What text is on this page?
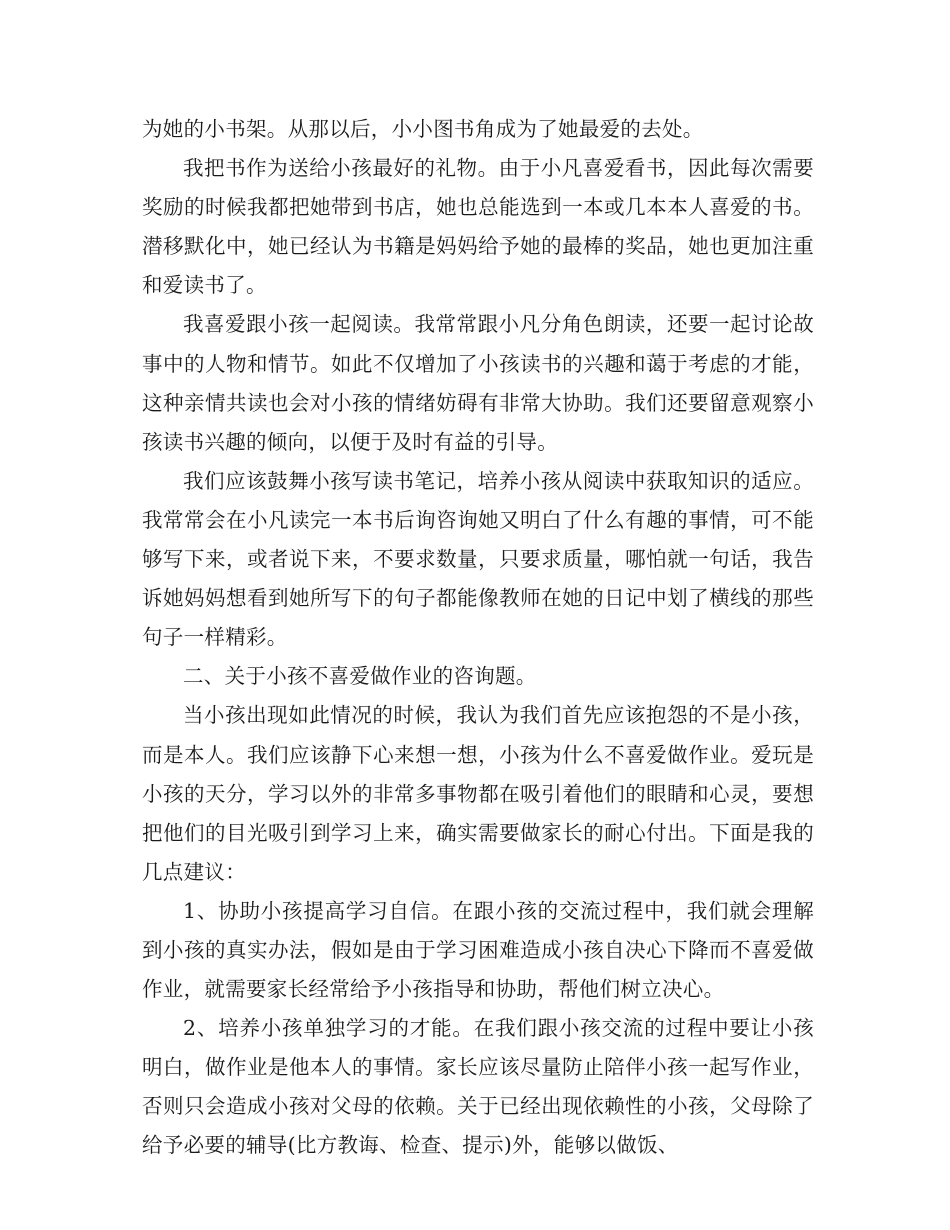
为她的小书架。从那以后，小小图书角成为了她最爱的去处。

我把书作为送给小孩最好的礼物。由于小凡喜爱看书，因此每次需要奖励的时候我都把她带到书店，她也总能选到一本或几本本人喜爱的书。潜移默化中，她已经认为书籍是妈妈给予她的最棒的奖品，她也更加注重和爱读书了。

我喜爱跟小孩一起阅读。我常常跟小凡分角色朗读，还要一起讨论故事中的人物和情节。如此不仅增加了小孩读书的兴趣和蔼于考虑的才能，这种亲情共读也会对小孩的情绪妨碍有非常大协助。我们还要留意观察小孩读书兴趣的倾向，以便于及时有益的引导。

我们应该鼓舞小孩写读书笔记，培养小孩从阅读中获取知识的适应。我常常会在小凡读完一本书后询咨询她又明白了什么有趣的事情，可不能够写下来，或者说下来，不要求数量，只要求质量，哪怕就一句话，我告诉她妈妈想看到她所写下的句子都能像教师在她的日记中划了横线的那些句子一样精彩。

二、关于小孩不喜爱做作业的咨询题。

当小孩出现如此情况的时候，我认为我们首先应该抱怨的不是小孩，而是本人。我们应该静下心来想一想，小孩为什么不喜爱做作业。爱玩是小孩的天分，学习以外的非常多事物都在吸引着他们的眼睛和心灵，要想把他们的目光吸引到学习上来，确实需要做家长的耐心付出。下面是我的几点建议：

1、协助小孩提高学习自信。在跟小孩的交流过程中，我们就会理解到小孩的真实办法，假如是由于学习困难造成小孩自决心下降而不喜爱做作业，就需要家长经常给予小孩指导和协助，帮他们树立决心。

2、培养小孩单独学习的才能。在我们跟小孩交流的过程中要让小孩明白，做作业是他本人的事情。家长应该尽量防止陪伴小孩一起写作业，否则只会造成小孩对父母的依赖。关于已经出现依赖性的小孩，父母除了给予必要的辅导(比方教诲、检查、提示)外，能够以做饭、
